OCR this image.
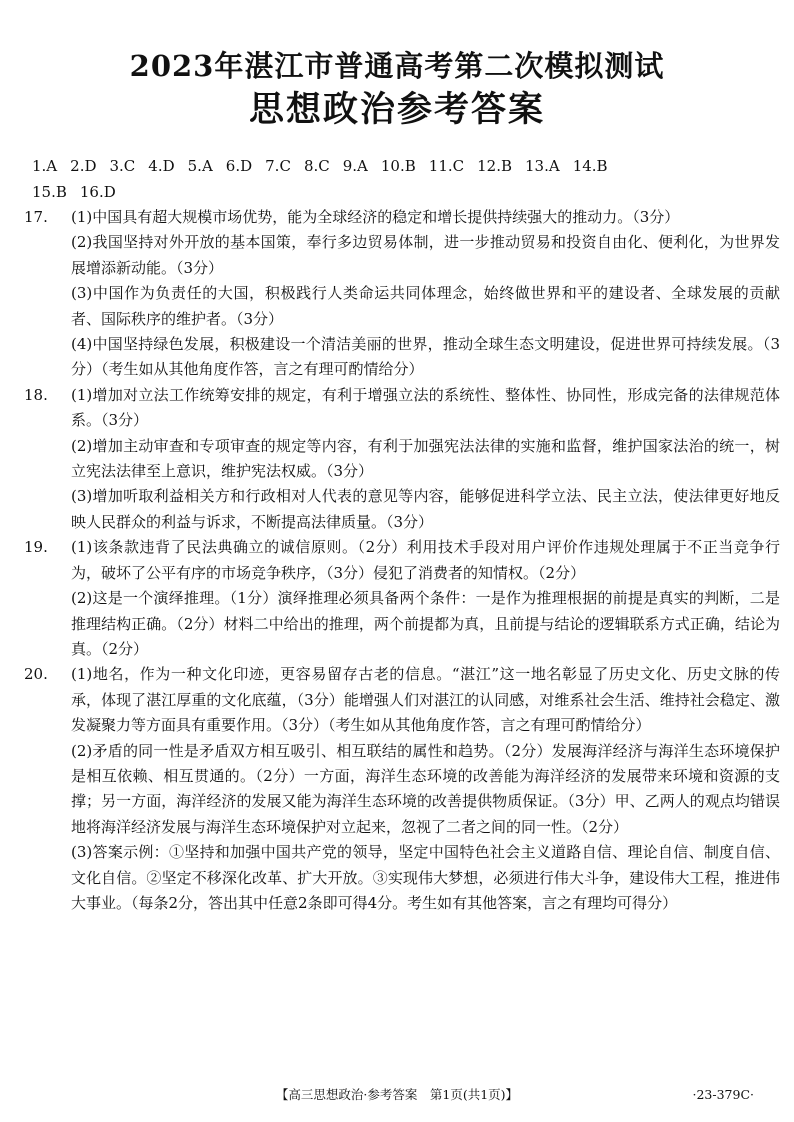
2023年湛江市普通高考第二次模拟测试
思想政治参考答案
1.A 2.D 3.C 4.D 5.A 6.D 7.C 8.C 9.A 10.B 11.C 12.B 13.A 14.B
15.B 16.D
17. (1)中国具有超大规模市场优势，能为全球经济的稳定和增长提供持续强大的推动力。（3分）

(2)我国坚持对外开放的基本国策，奉行多边贸易体制，进一步推动贸易和投资自由化、便利化，为世界发展增添新动能。（3分）

(3)中国作为负责任的大国，积极践行人类命运共同体理念，始终做世界和平的建设者、全球发展的贡献者、国际秩序的维护者。（3分）

(4)中国坚持绿色发展，积极建设一个清洁美丽的世界，推动全球生态文明建设，促进世界可持续发展。（3分）（考生如从其他角度作答，言之有理可酌情给分）

18. (1)增加对立法工作统筹安排的规定，有利于增强立法的系统性、整体性、协同性，形成完备的法律规范体系。（3分）

(2)增加主动审查和专项审查的规定等内容，有利于加强宪法法律的实施和监督，维护国家法治的统一，树立宪法法律至上意识，维护宪法权威。（3分）

(3)增加听取利益相关方和行政相对人代表的意见等内容，能够促进科学立法、民主立法，使法律更好地反映人民群众的利益与诉求，不断提高法律质量。（3分）

19. (1)该条款违背了民法典确立的诚信原则。（2分）利用技术手段对用户评价作违规处理属于不正当竞争行为，破坏了公平有序的市场竞争秩序，（3分）侵犯了消费者的知情权。（2分）

(2)这是一个演绎推理。（1分）演绎推理必须具备两个条件：一是作为推理根据的前提是真实的判断，二是推理结构正确。（2分）材料二中给出的推理，两个前提都为真，且前提与结论的逻辑联系方式正确，结论为真。（2分）

20. (1)地名，作为一种文化印迹，更容易留存古老的信息。“湛江”这一地名彰显了历史文化、历史文脉的传承，体现了湛江厚重的文化底蕴，（3分）能增强人们对湛江的认同感，对维系社会生活、维持社会稳定、激发凝聚力等方面具有重要作用。（3分）（考生如从其他角度作答，言之有理可酌情给分）

(2)矛盾的同一性是矛盾双方相互吸引、相互联结的属性和趋势。（2分）发展海洋经济与海洋生态环境保护是相互依赖、相互贯通的。（2分）一方面，海洋生态环境的改善能为海洋经济的发展带来环境和资源的支撑；另一方面，海洋经济的发展又能为海洋生态环境的改善提供物质保证。（3分）甲、乙两人的观点均错误地将海洋经济发展与海洋生态环境保护对立起来，忽视了二者之间的同一性。（2分）

(3)答案示例：①坚持和加强中国共产党的领导，坚定中国特色社会主义道路自信、理论自信、制度自信、文化自信。②坚定不移深化改革、扩大开放。③实现伟大梦想，必须进行伟大斗争，建设伟大工程，推进伟大事业。（每条2分，答出其中任意2条即可得4分。考生如有其他答案，言之有理均可得分）

【高三思想政治·参考答案　第1页(共1页)】	·23-379C·
